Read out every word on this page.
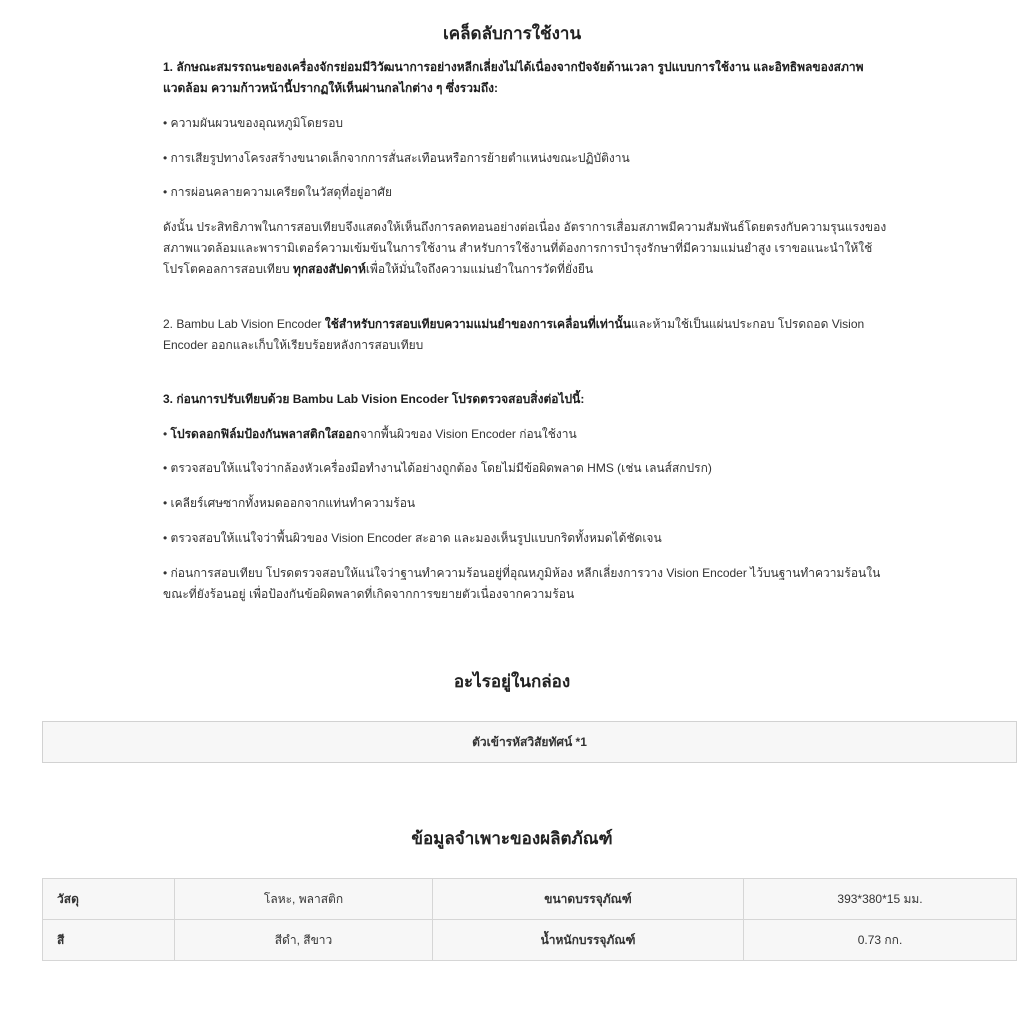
เคล็ดลับการใช้งาน

1. ลักษณะสมรรถนะของเครื่องจักรย่อมมีวิวัฒนาการอย่างหลีกเลี่ยงไม่ได้เนื่องจากปัจจัยด้านเวลา รูปแบบการใช้งาน และอิทธิพลของสภาพแวดล้อม ความก้าวหน้านี้ปรากฏให้เห็นผ่านกลไกต่าง ๆ ซึ่งรวมถึง:

• ความผันผวนของอุณหภูมิโดยรอบ

• การเสียรูปทางโครงสร้างขนาดเล็กจากการสั่นสะเทือนหรือการย้ายตำแหน่งขณะปฏิบัติงาน

• การผ่อนคลายความเครียดในวัสดุที่อยู่อาศัย

ดังนั้น ประสิทธิภาพในการสอบเทียบจึงแสดงให้เห็นถึงการลดทอนอย่างต่อเนื่อง อัตราการเสื่อมสภาพมีความสัมพันธ์โดยตรงกับความรุนแรงของสภาพแวดล้อมและพารามิเตอร์ความเข้มข้นในการใช้งาน สำหรับการใช้งานที่ต้องการการบำรุงรักษาที่มีความแม่นยำสูง เราขอแนะนำให้ใช้ โปรโตคอลการสอบเทียบ ทุกสองสัปดาห์เพื่อให้มั่นใจถึงความแม่นยำในการวัดที่ยั่งยืน

2. Bambu Lab Vision Encoder ใช้สำหรับการสอบเทียบความแม่นยำของการเคลื่อนที่เท่านั้นและห้ามใช้เป็นแผ่นประกอบ โปรดถอด Vision Encoder ออกและเก็บให้เรียบร้อยหลังการสอบเทียบ

3. ก่อนการปรับเทียบด้วย Bambu Lab Vision Encoder โปรดตรวจสอบสิ่งต่อไปนี้:

• โปรดลอกฟิล์มป้องกันพลาสติกใสออกจากพื้นผิวของ Vision Encoder ก่อนใช้งาน

• ตรวจสอบให้แน่ใจว่ากล้องหัวเครื่องมือทำงานได้อย่างถูกต้อง โดยไม่มีข้อผิดพลาด HMS (เช่น เลนส์สกปรก)

• เคลียร์เศษซากทั้งหมดออกจากแท่นทำความร้อน

• ตรวจสอบให้แน่ใจว่าพื้นผิวของ Vision Encoder สะอาด และมองเห็นรูปแบบกริดทั้งหมดได้ชัดเจน

• ก่อนการสอบเทียบ โปรดตรวจสอบให้แน่ใจว่าฐานทำความร้อนอยู่ที่อุณหภูมิห้อง หลีกเลี่ยงการวาง Vision Encoder ไว้บนฐานทำความร้อนในขณะที่ยังร้อนอยู่ เพื่อป้องกันข้อผิดพลาดที่เกิดจากการขยายตัวเนื่องจากความร้อน

อะไรอยู่ในกล่อง
ตัวเข้ารหัสวิสัยทัศน์ *1
ข้อมูลจำเพาะของผลิตภัณฑ์
วัสดุ	โลหะ, พลาสติก	ขนาดบรรจุภัณฑ์	393*380*15 มม.
สี	สีดำ, สีขาว	น้ำหนักบรรจุภัณฑ์	0.73 กก.
